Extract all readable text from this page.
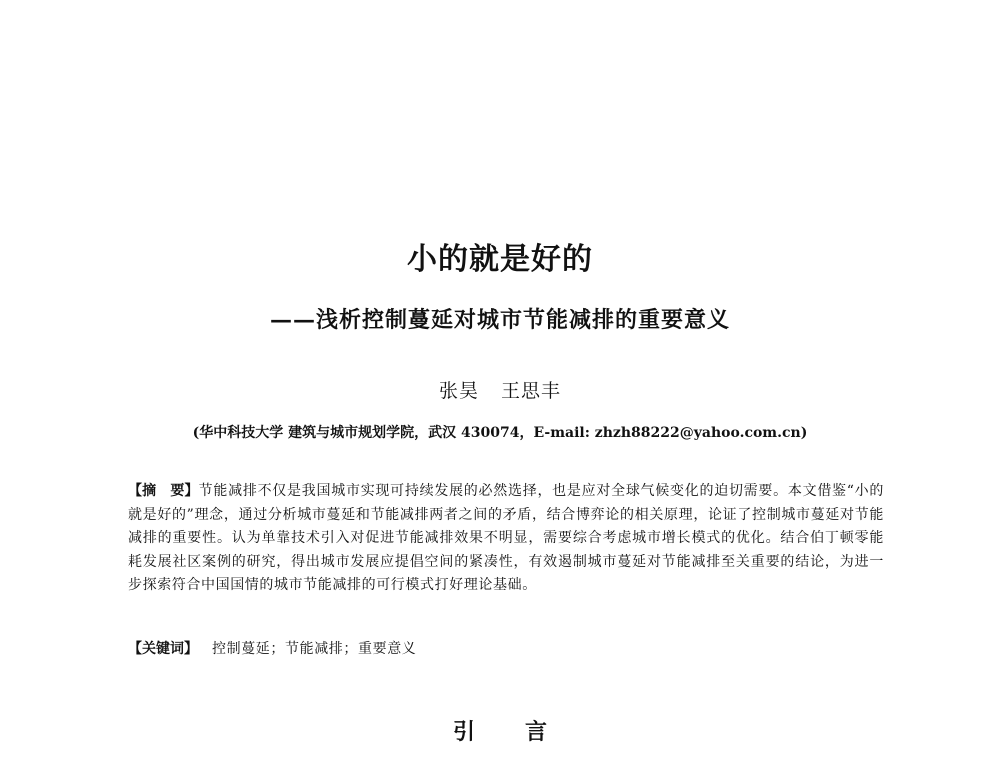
小的就是好的
——浅析控制蔓延对城市节能减排的重要意义
张昊 王思丰
(华中科技大学 建筑与城市规划学院，武汉 430074，E-mail: zhzh88222@yahoo.com.cn)

【摘　要】节能减排不仅是我国城市实现可持续发展的必然选择，也是应对全球气候变化的迫切需要。本文借鉴“小的就是好的”理念，通过分析城市蔓延和节能减排两者之间的矛盾，结合博弈论的相关原理，论证了控制城市蔓延对节能减排的重要性。认为单靠技术引入对促进节能减排效果不明显，需要综合考虑城市增长模式的优化。结合伯丁顿零能耗发展社区案例的研究，得出城市发展应提倡空间的紧凑性，有效遏制城市蔓延对节能减排至关重要的结论，为进一步探索符合中国国情的城市节能减排的可行模式打好理论基础。

【关键词】 控制蔓延；节能减排；重要意义
引言
